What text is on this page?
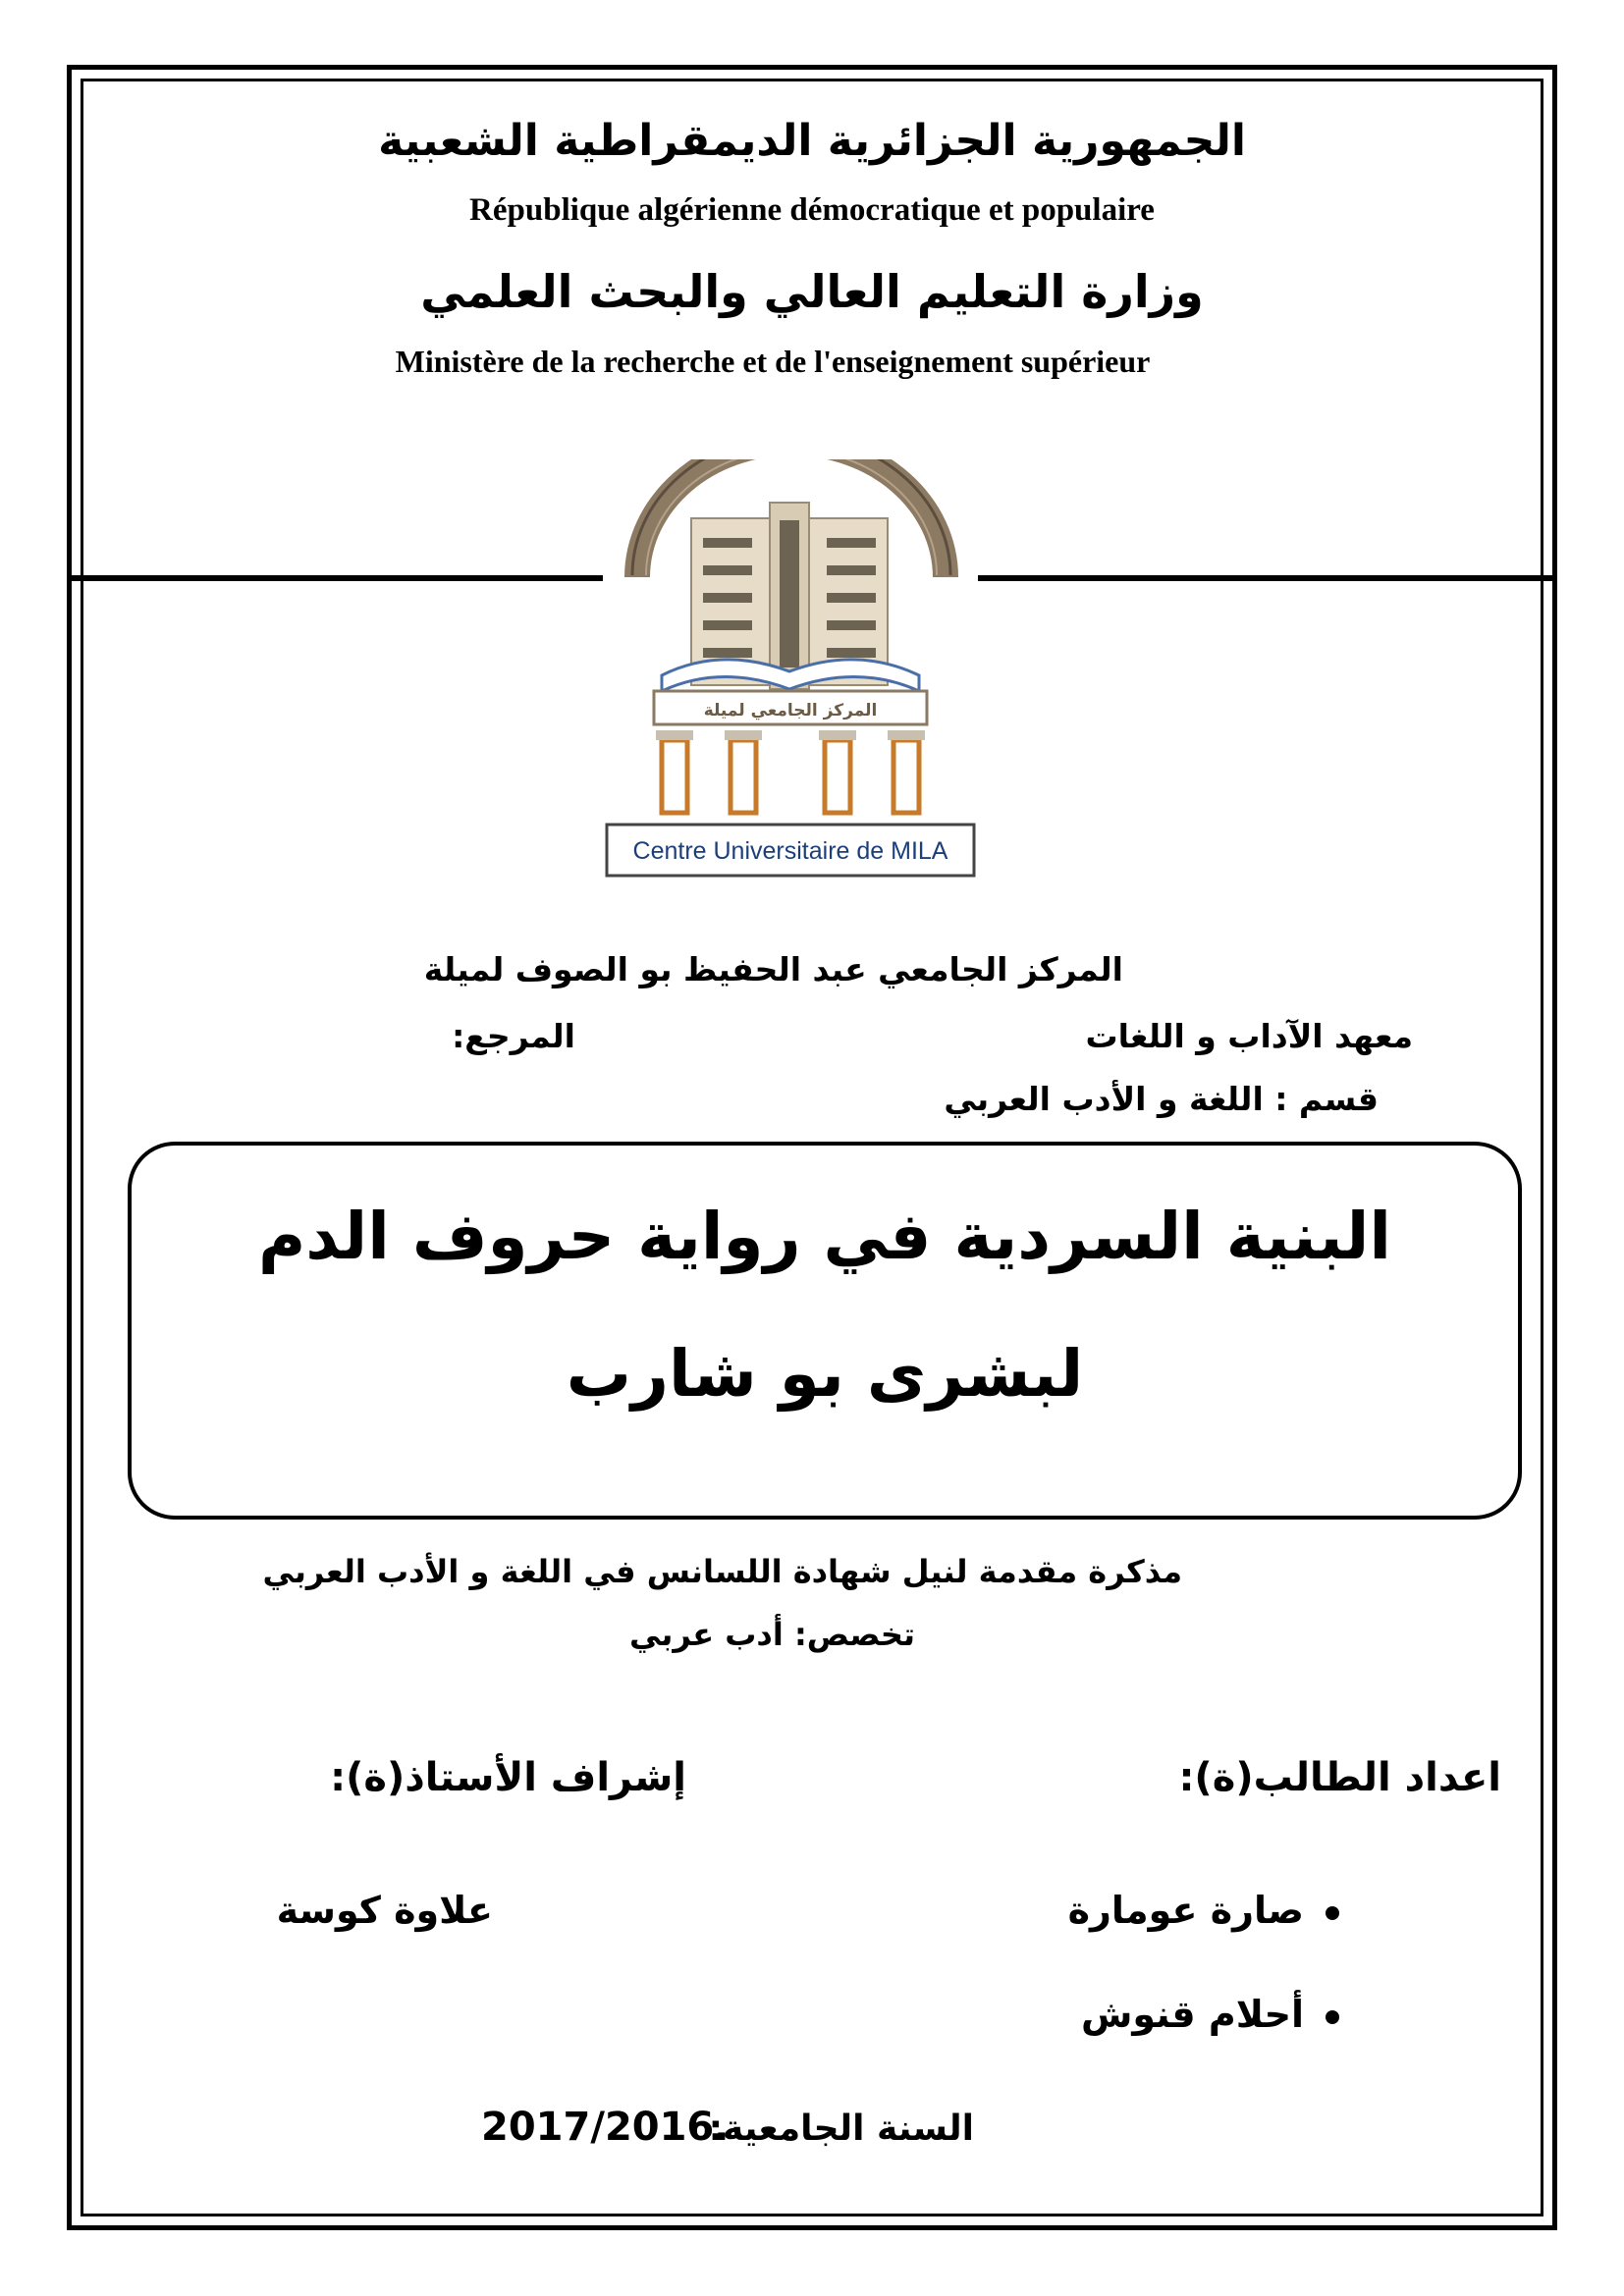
الجمهورية الجزائرية الديمقراطية الشعبية
République algérienne démocratique et populaire
وزارة التعليم العالي والبحث العلمي
Ministère de la recherche et de l'enseignement supérieur
المركز الجامعي لميلة
Centre Universitaire de MILA
المركز الجامعي عبد الحفيظ بو الصوف لميلة
معهد الآداب و اللغات
المرجع:
قسم : اللغة و الأدب العربي
البنية السردية في رواية حروف الدم
لبشرى بو شارب
مذكرة مقدمة لنيل شهادة اللسانس في اللغة و الأدب العربي
تخصص: أدب عربي
اعداد الطالب(ة):
إشراف الأستاذ(ة):
صارة عومارة
أحلام قنوش
علاوة كوسة
السنة الجامعية:
2017/2016.
